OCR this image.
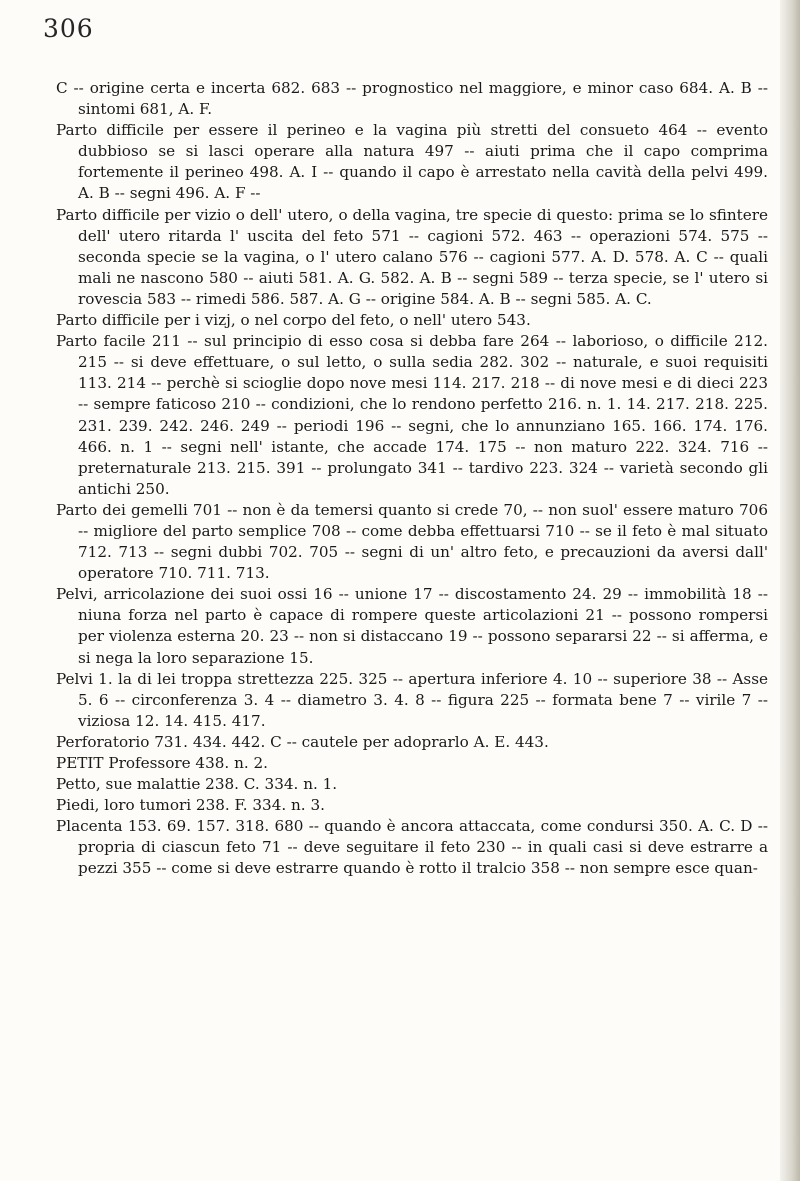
306

C -- origine certa e incerta 682. 683 -- prognostico nel maggiore, e minor caso 684. A. B -- sintomi 681, A. F.

Parto difficile per essere il perineo e la vagina più stretti del consueto 464 -- evento dubbioso se si lasci operare alla natura 497 -- aiuti prima che il capo comprima fortemente il perineo 498. A. I -- quando il capo è arrestato nella cavità della pelvi 499. A. B -- segni 496. A. F --

Parto difficile per vizio o dell' utero, o della vagina, tre specie di questo: prima se lo sfintere dell' utero ritarda l' uscita del feto 571 -- cagioni 572. 463 -- operazioni 574. 575 -- seconda specie se la vagina, o l' utero calano 576 -- cagioni 577. A. D. 578. A. C -- quali mali ne nascono 580 -- aiuti 581. A. G. 582. A. B -- segni 589 -- terza specie, se l' utero si rovescia 583 -- rimedi 586. 587. A. G -- origine 584. A. B -- segni 585. A. C.

Parto difficile per i vizj, o nel corpo del feto, o nell' utero 543.

Parto facile 211 -- sul principio di esso cosa si debba fare 264 -- laborioso, o difficile 212. 215 -- si deve effettuare, o sul letto, o sulla sedia 282. 302 -- naturale, e suoi requisiti 113. 214 -- perchè si scioglie dopo nove mesi 114. 217. 218 -- di nove mesi e di dieci 223 -- sempre faticoso 210 -- condizioni, che lo rendono perfetto 216. n. 1. 14. 217. 218. 225. 231. 239. 242. 246. 249 -- periodi 196 -- segni, che lo annunziano 165. 166. 174. 176. 466. n. 1 -- segni nell' istante, che accade 174. 175 -- non maturo 222. 324. 716 -- preternaturale 213. 215. 391 -- prolungato 341 -- tardivo 223. 324 -- varietà secondo gli antichi 250.

Parto dei gemelli 701 -- non è da temersi quanto si crede 70, -- non suol' essere maturo 706 -- migliore del parto semplice 708 -- come debba effettuarsi 710 -- se il feto è mal situato 712. 713 -- segni dubbi 702. 705 -- segni di un' altro feto, e precauzioni da aversi dall' operatore 710. 711. 713.

Pelvi, arricolazione dei suoi ossi 16 -- unione 17 -- discostamento 24. 29 -- immobilità 18 -- niuna forza nel parto è capace di rompere queste articolazioni 21 -- possono rompersi per violenza esterna 20. 23 -- non si distaccano 19 -- possono separarsi 22 -- si afferma, e si nega la loro separazione 15.

Pelvi 1. la di lei troppa strettezza 225. 325 -- apertura inferiore 4. 10 -- superiore 38 -- Asse 5. 6 -- circonferenza 3. 4 -- diametro 3. 4. 8 -- figura 225 -- formata bene 7 -- virile 7 -- viziosa 12. 14. 415. 417.

Perforatorio 731. 434. 442. C -- cautele per adoprarlo A. E. 443.

PETIT Professore 438. n. 2.

Petto, sue malattie 238. C. 334. n. 1.

Piedi, loro tumori 238. F. 334. n. 3.

Placenta 153. 69. 157. 318. 680 -- quando è ancora attaccata, come condursi 350. A. C. D -- propria di ciascun feto 71 -- deve seguitare il feto 230 -- in quali casi si deve estrarre a pezzi 355 -- come si deve estrarre quando è rotto il tralcio 358 -- non sempre esce quan-
